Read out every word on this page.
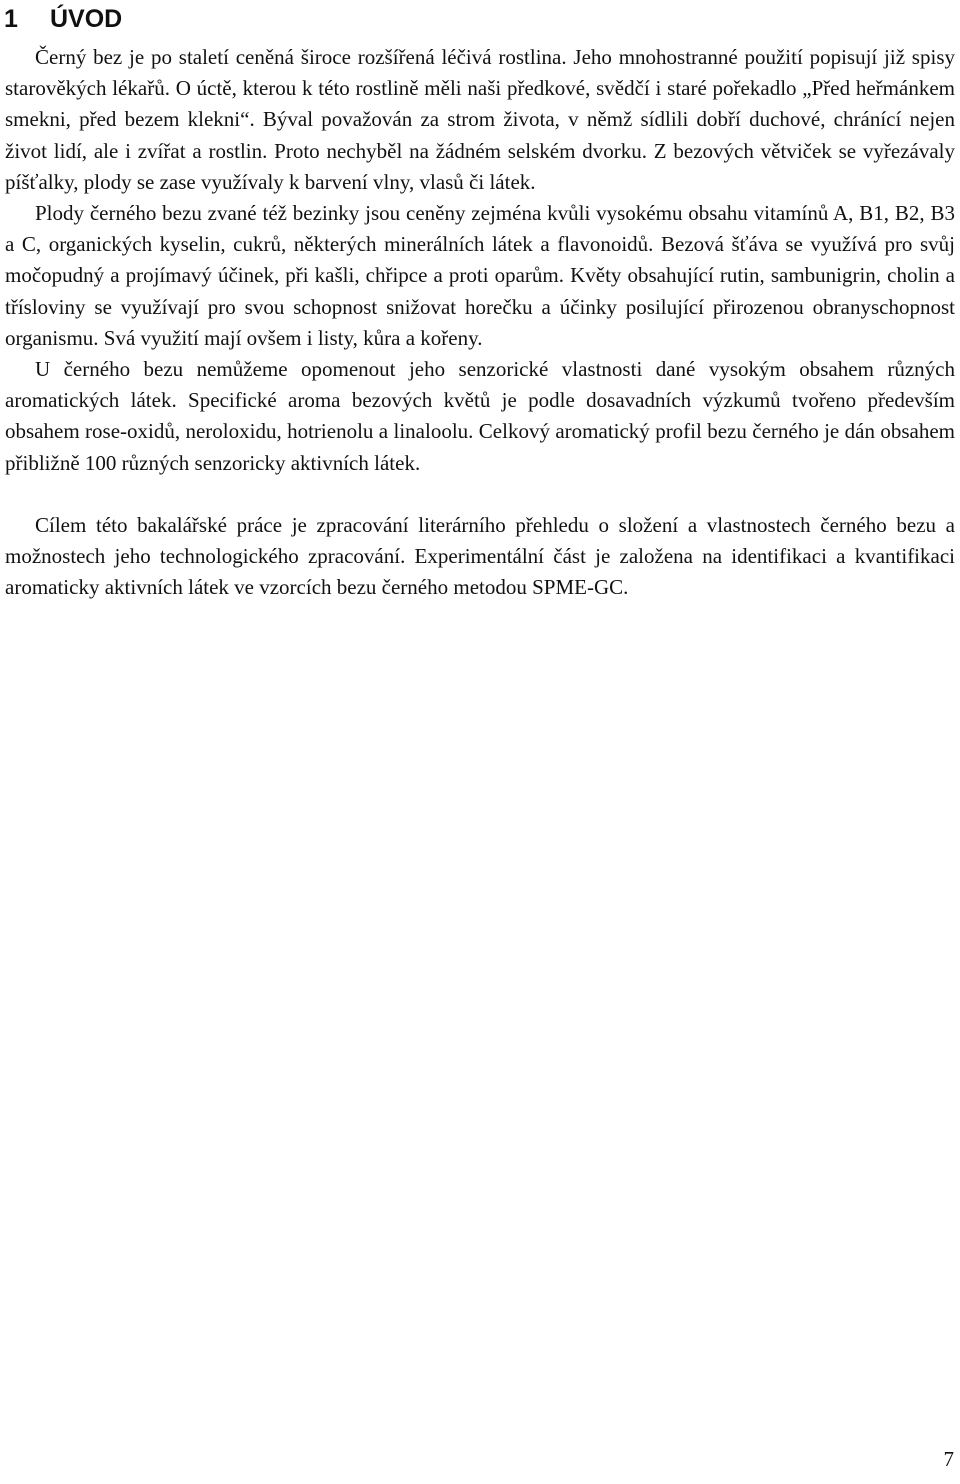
1 ÚVOD

Černý bez je po staletí ceněná široce rozšířená léčivá rostlina. Jeho mnohostranné použití popisují již spisy starověkých lékařů. O úctě, kterou k této rostlině měli naši předkové, svědčí i staré pořekadlo „Před heřmánkem smekni, před bezem klekni“. Býval považován za strom života, v němž sídlili dobří duchové, chránící nejen život lidí, ale i zvířat a rostlin. Proto nechyběl na žádném selském dvorku. Z bezových větviček se vyřezávaly píšťalky, plody se zase využívaly k barvení vlny, vlasů či látek.

Plody černého bezu zvané též bezinky jsou ceněny zejména kvůli vysokému obsahu vitamínů A, B1, B2, B3 a C, organických kyselin, cukrů, některých minerálních látek a flavonoidů. Bezová šťáva se využívá pro svůj močopudný a projímavý účinek, při kašli, chřipce a proti oparům. Květy obsahující rutin, sambunigrin, cholin a třísloviny se využívají pro svou schopnost snižovat horečku a účinky posilující přirozenou obranyschopnost organismu. Svá využití mají ovšem i listy, kůra a kořeny.

U černého bezu nemůžeme opomenout jeho senzorické vlastnosti dané vysokým obsahem různých aromatických látek. Specifické aroma bezových květů je podle dosavadních výzkumů tvořeno především obsahem rose-oxidů, neroloxidu, hotrienolu a linaloolu. Celkový aromatický profil bezu černého je dán obsahem přibližně 100 různých senzoricky aktivních látek.

Cílem této bakalářské práce je zpracování literárního přehledu o složení a vlastnostech černého bezu a možnostech jeho technologického zpracování. Experimentální část je založena na identifikaci a kvantifikaci aromaticky aktivních látek ve vzorcích bezu černého metodou SPME-GC.

7
